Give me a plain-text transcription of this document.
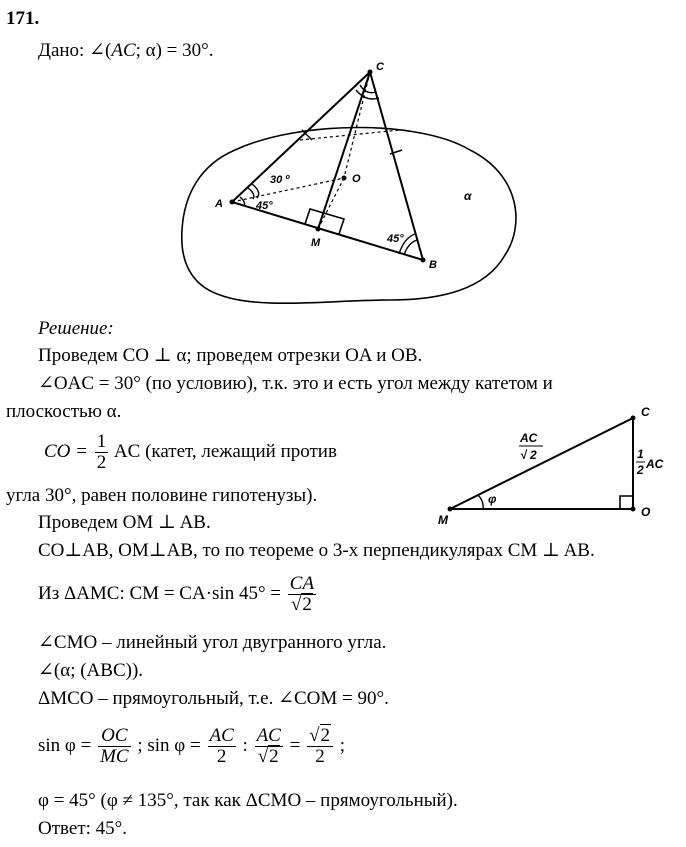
171.
Дано: ∠(AC; α) = 30°.
C
A
O
M
B
α
30 º
45°
45°
C
M
O
φ
AC
√ 2	1
2 AC
Решение:
Проведем CO ⊥ α; проведем отрезки OA и OB.
∠OAC = 30° (по условию), т.к. это и есть угол между катетом и
плоскостью α.
CO = $\frac{1}{2}$ AC (катет, лежащий против
угла 30°, равен половине гипотенузы).
Проведем OM ⊥ AB.
CO⊥AB, OM⊥AB, то по теореме о 3-х перпендикулярах CM ⊥ AB.
Из ΔAMC: CM = CA·sin $45^\circ = \frac{CA}{√2}$
∠CMO – линейный угол двугранного угла.
∠(α; (ABC)).
ΔMCO – прямоугольный, т.е. ∠COM = 90°.
$\sin \varphi = \frac{OC}{MC}$ ; $\sin \varphi = \frac{AC}{2}$ : $\frac{AC}{√2} = \frac{√2}{2}$ ;
φ = 45° (φ ≠ 135°, так как ΔCMO – прямоугольный).
Ответ: 45°.
